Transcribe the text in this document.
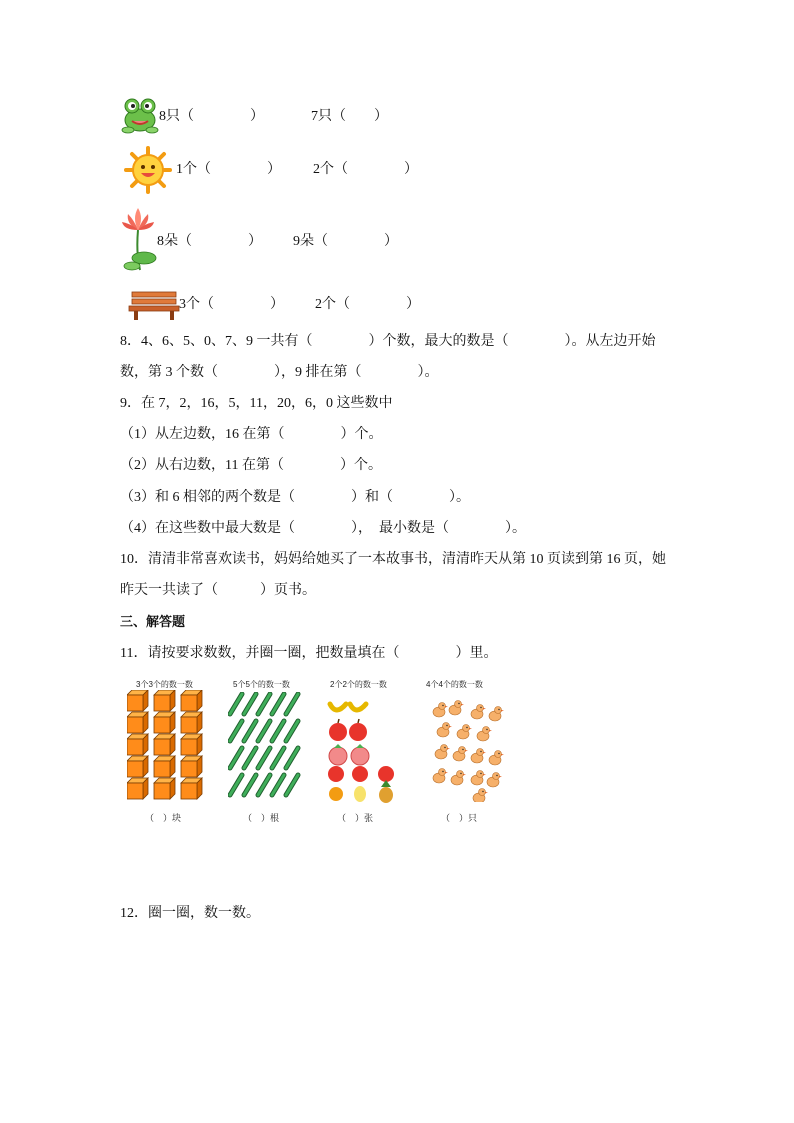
8只（　　　　）	7只（　　）
1个（　　　　） 2个（　　　　）
8朵（　　　　） 9朵（　　　　）
3个（　　　　） 2个（　　　　）
8．4、6、5、0、7、9 一共有（　　　　）个数，最大的数是（　　　　）。从左边开始
数，第 3 个数（　　　　），9 排在第（　　　　）。
9．在 7，2，16，5，11，20，6，0 这些数中
（1）从左边数，16 在第（　　　　）个。
（2）从右边数，11 在第（　　　　）个。
（3）和 6 相邻的两个数是（　　　　）和（　　　　）。
（4）在这些数中最大数是（　　　　），　最小数是（　　　　）。
10．清清非常喜欢读书，妈妈给她买了一本故事书，清清昨天从第 10 页读到第 16 页，她
昨天一共读了（　　　）页书。
三、解答题
11．请按要求数数，并圈一圈，把数量填在（　　　　）里。
3个3个的数一数
（　）块
5个5个的数一数
（　）根
2个2个的数一数
（　）张
4个4个的数一数
（　）只
12．圈一圈，数一数。
